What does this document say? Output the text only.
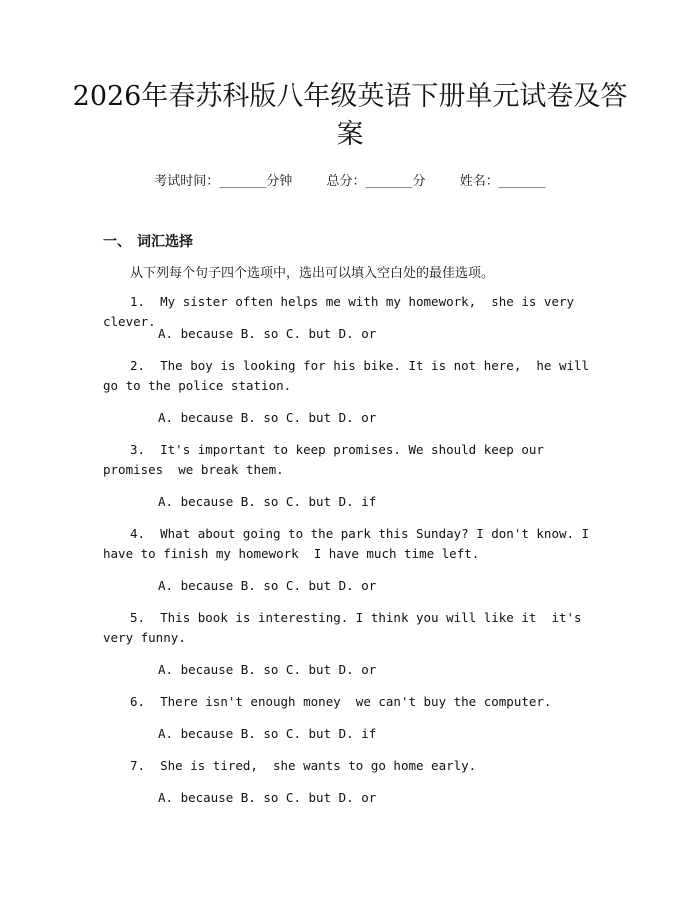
2026年春苏科版八年级英语下册单元试卷及答案
考试时间：______分钟	总分：______分	姓名：______
一、 词汇选择
从下列每个句子四个选项中，选出可以填入空白处的最佳选项。
1. My sister often helps me with my homework,  she is very clever.
A. because B. so C. but D. or
2. The boy is looking for his bike. It is not here,  he will go to the police station.
A. because B. so C. but D. or
3. It's important to keep promises. We should keep our promises  we break them.
A. because B. so C. but D. if
4. What about going to the park this Sunday? I don't know. I have to finish my homework  I have much time left.
A. because B. so C. but D. or
5. This book is interesting. I think you will like it  it's very funny.
A. because B. so C. but D. or
6. There isn't enough money  we can't buy the computer.
A. because B. so C. but D. if
7. She is tired,  she wants to go home early.
A. because B. so C. but D. or
